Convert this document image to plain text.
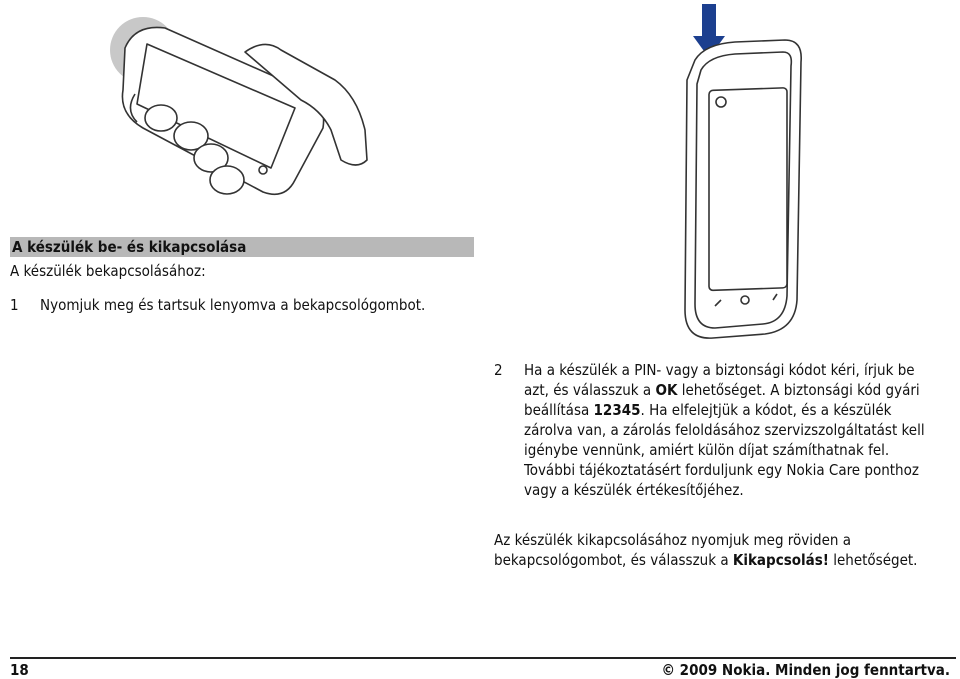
A készülék be- és kikapcsolása
A készülék bekapcsolásához:
1 Nyomjuk meg és tartsuk lenyomva a bekapcsológombot.
2 Ha a készülék a PIN- vagy a biztonsági kódot kéri, írjuk be azt, és válasszuk a OK lehetőséget. A biztonsági kód gyári beállítása 12345. Ha elfelejtjük a kódot, és a készülék zárolva van, a zárolás feloldásához szervizszolgáltatást kell igénybe vennünk, amiért külön díjat számíthatnak fel. További tájékoztatásért forduljunk egy Nokia Care ponthoz vagy a készülék értékesítőjéhez.
Az készülék kikapcsolásához nyomjuk meg röviden a bekapcsológombot, és válasszuk a Kikapcsolás! lehetőséget.
18	© 2009 Nokia. Minden jog fenntartva.
